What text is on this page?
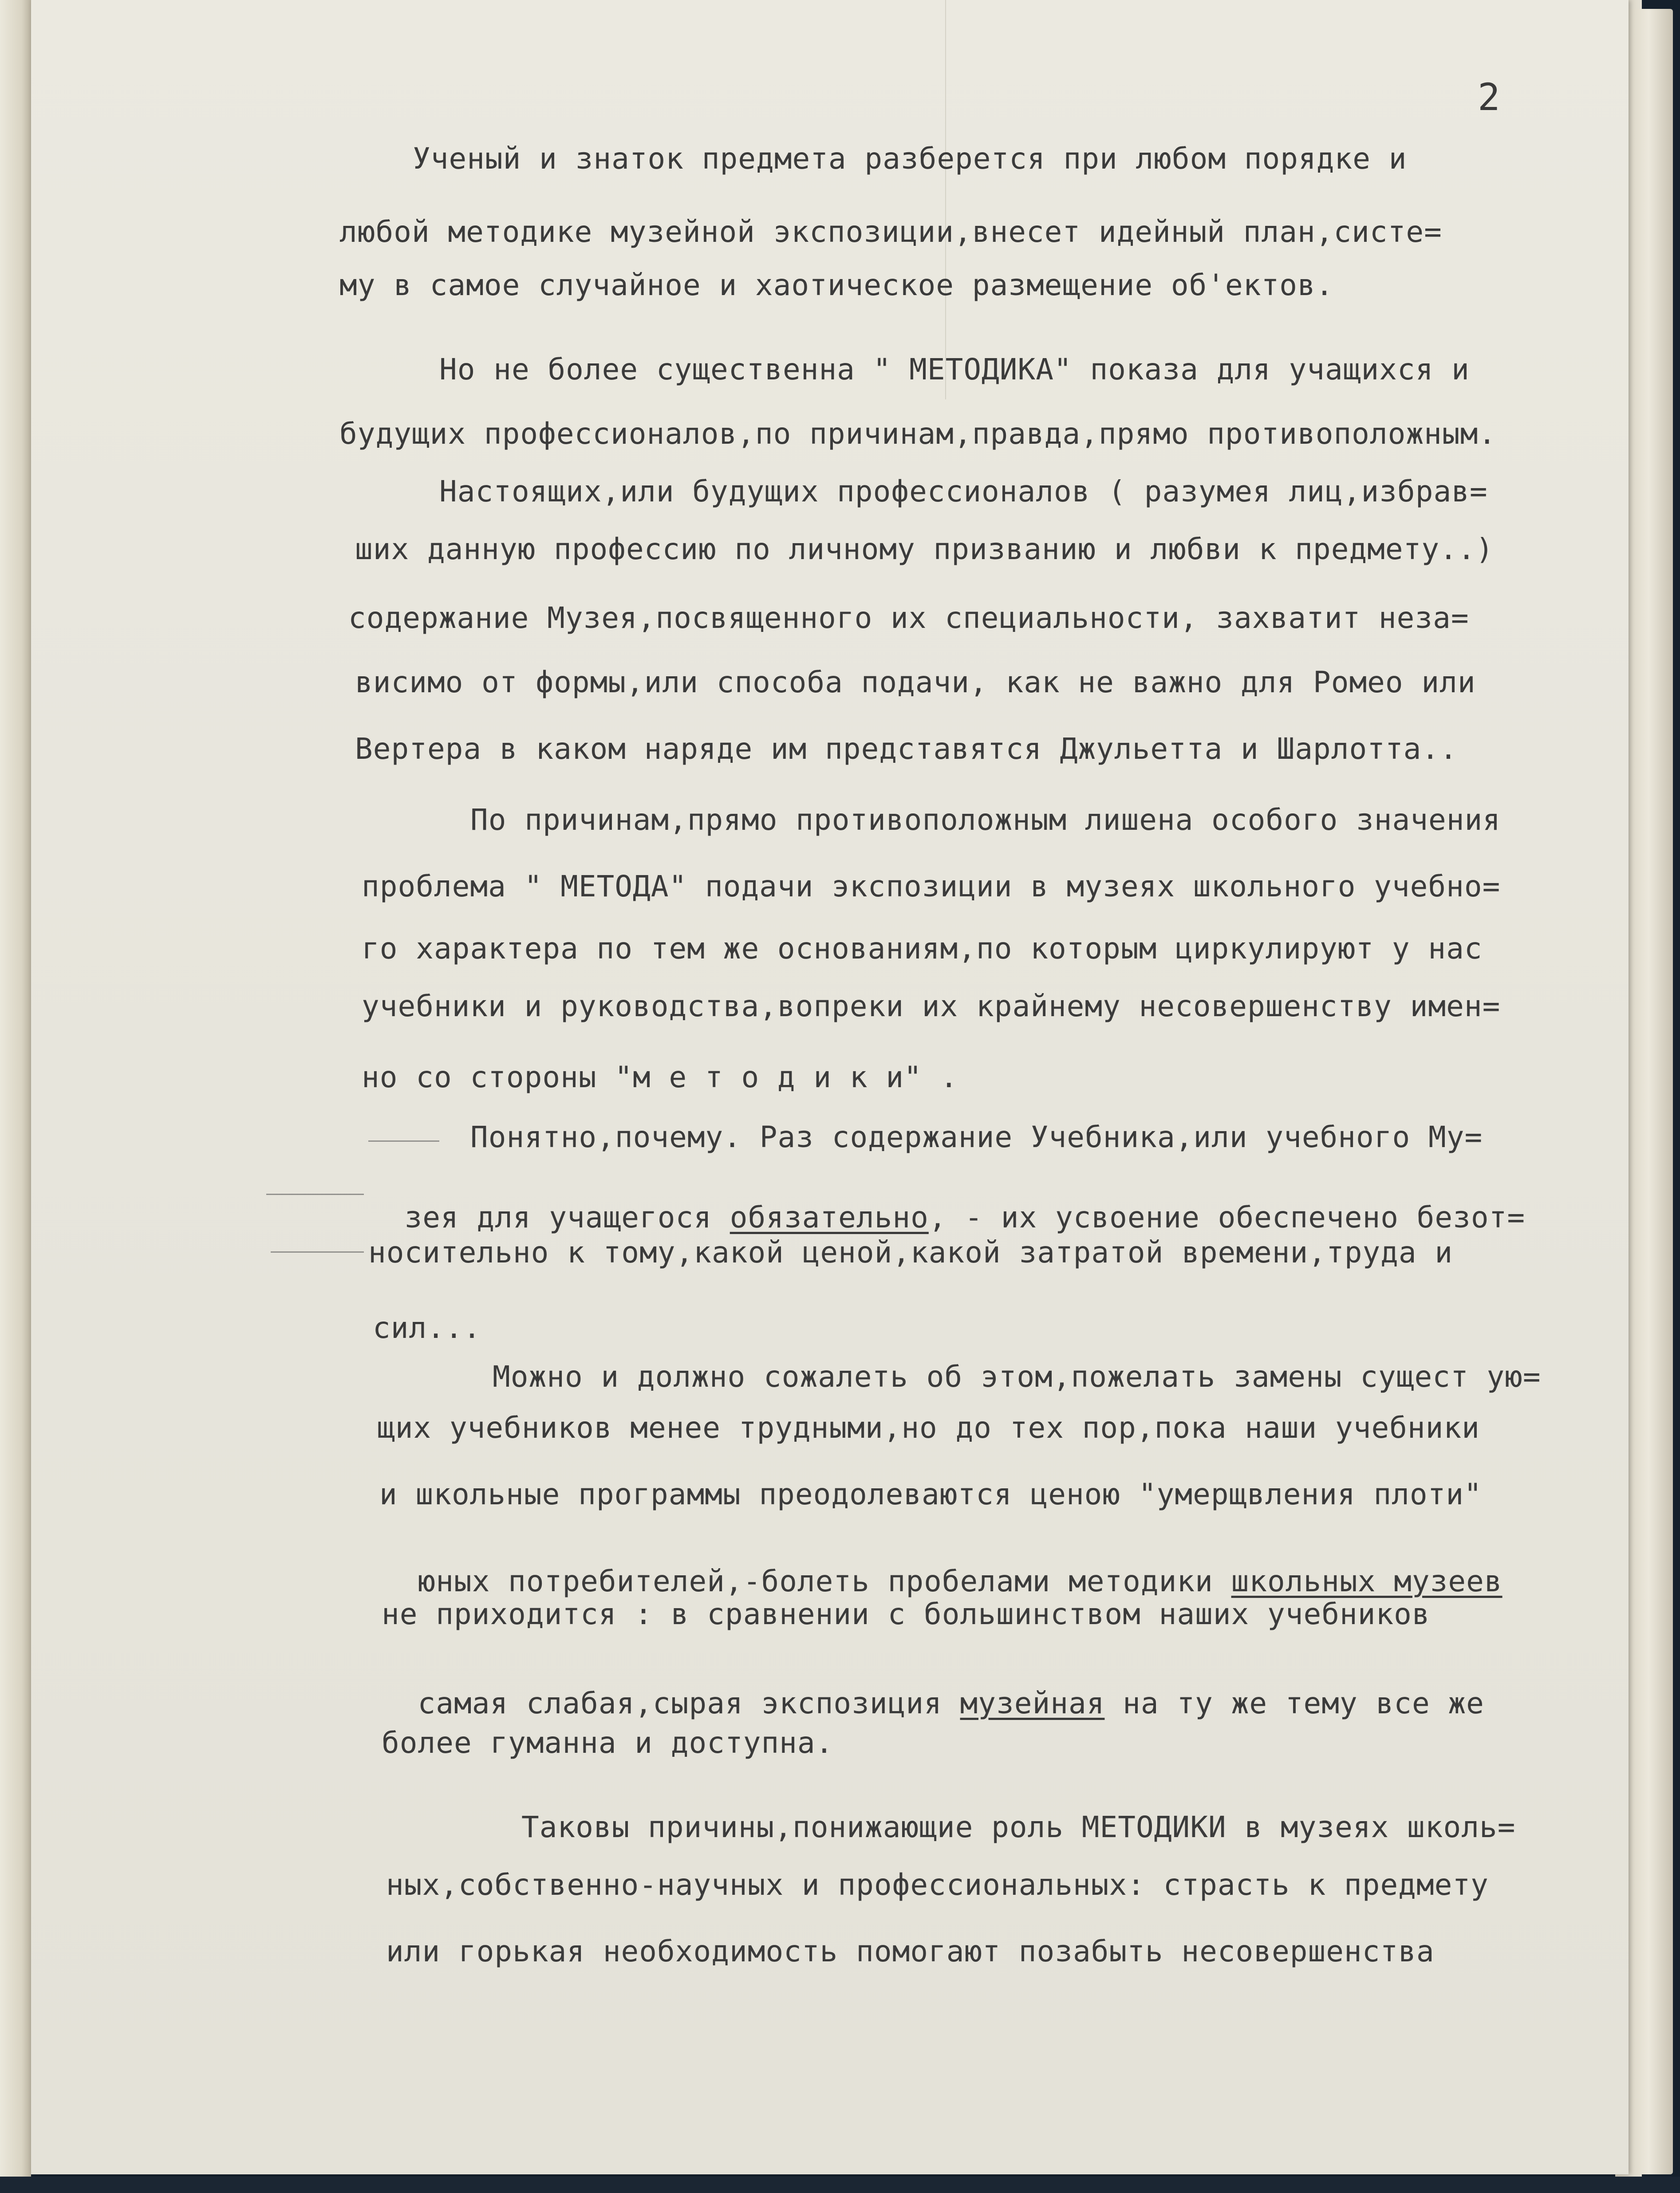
2
Ученый и знаток предмета разберется при любом порядке и
любой методике музейной экспозиции,внесет идейный план,систе=
му в самое случайное и хаотическое размещение об'ектов.
Но не более существенна " МЕТОДИКА" показа для учащихся и
будущих профессионалов,по причинам,правда,прямо противоположным.
Настоящих,или будущих профессионалов ( разумея лиц,избрав=
ших данную профессию по личному призванию и любви к предмету..)
содержание Музея,посвященного их специальности, захватит неза=
висимо от формы,или способа подачи, как не важно для Ромео или
Вертера в каком наряде им представятся Джульетта и Шарлотта..
По причинам,прямо противоположным лишена особого значения
проблема " МЕТОДА" подачи экспозиции в музеях школьного учебно=
го характера по тем же основаниям,по которым циркулируют у нас
учебники и руководства,вопреки их крайнему несовершенству имен=
но со стороны "м е т о д и к и" .
Понятно,почему. Раз содержание Учебника,или учебного Му=

зея для учащегося обязательно, - их усвоение обеспечено безот=

носительно к тому,какой ценой,какой затратой времени,труда и
сил...
Можно и должно сожалеть об этом,пожелать замены сущест ую=
щих учебников менее трудными,но до тех пор,пока наши учебники
и школьные программы преодолеваются ценою "умерщвления плоти"

юных потребителей,-болеть пробелами методики школьных музеев

не приходится : в сравнении с большинством наших учебников

самая слабая,сырая экспозиция музейная на ту же тему все же

более гуманна и доступна.
Таковы причины,понижающие роль МЕТОДИКИ в музеях школь=
ных,собственно-научных и профессиональных: страсть к предмету
или горькая необходимость помогают позабыть несовершенства
